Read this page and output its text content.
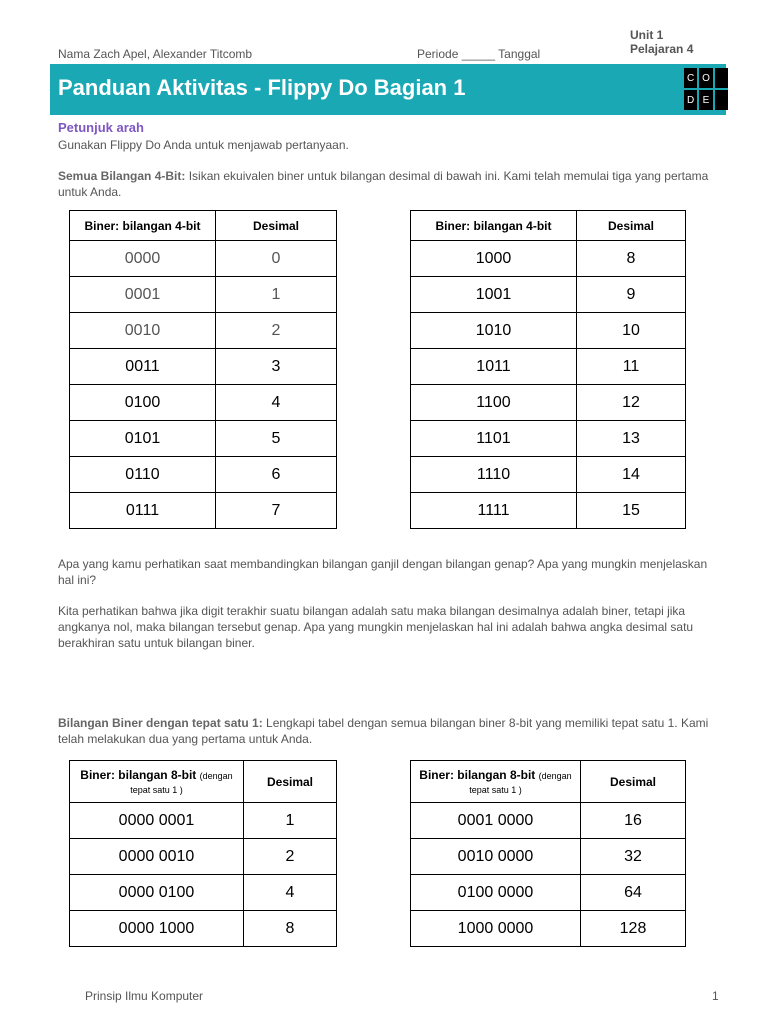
Nama Zach Apel, Alexander Titcomb	Periode _____ Tanggal
Unit 1
Pelajaran 4
Panduan Aktivitas - Flippy Do Bagian 1	C O
D E
Petunjuk arah
Gunakan Flippy Do Anda untuk menjawab pertanyaan.
Semua Bilangan 4-Bit: Isikan ekuivalen biner untuk bilangan desimal di bawah ini. Kami telah memulai tiga yang pertama untuk Anda.
Biner: bilangan 4-bit	Desimal
0000	0
0001	1
0010	2
0011	3
0100	4
0101	5
0110	6
0111	7
Biner: bilangan 4-bit	Desimal
1000	8
1001	9
1010	10
1011	11
1100	12
1101	13
1110	14
1111	15
Apa yang kamu perhatikan saat membandingkan bilangan ganjil dengan bilangan genap? Apa yang mungkin menjelaskan hal ini?
Kita perhatikan bahwa jika digit terakhir suatu bilangan adalah satu maka bilangan desimalnya adalah biner, tetapi jika angkanya nol, maka bilangan tersebut genap. Apa yang mungkin menjelaskan hal ini adalah bahwa angka desimal satu berakhiran satu untuk bilangan biner.
Bilangan Biner dengan tepat satu 1: Lengkapi tabel dengan semua bilangan biner 8-bit yang memiliki tepat satu 1. Kami telah melakukan dua yang pertama untuk Anda.
Biner: bilangan 8-bit (dengan tepat satu 1 )	Desimal
0000 0001	1
0000 0010	2
0000 0100	4
0000 1000	8
Biner: bilangan 8-bit (dengan tepat satu 1 )	Desimal
0001 0000	16
0010 0000	32
0100 0000	64
1000 0000	128
Prinsip Ilmu Komputer	1
